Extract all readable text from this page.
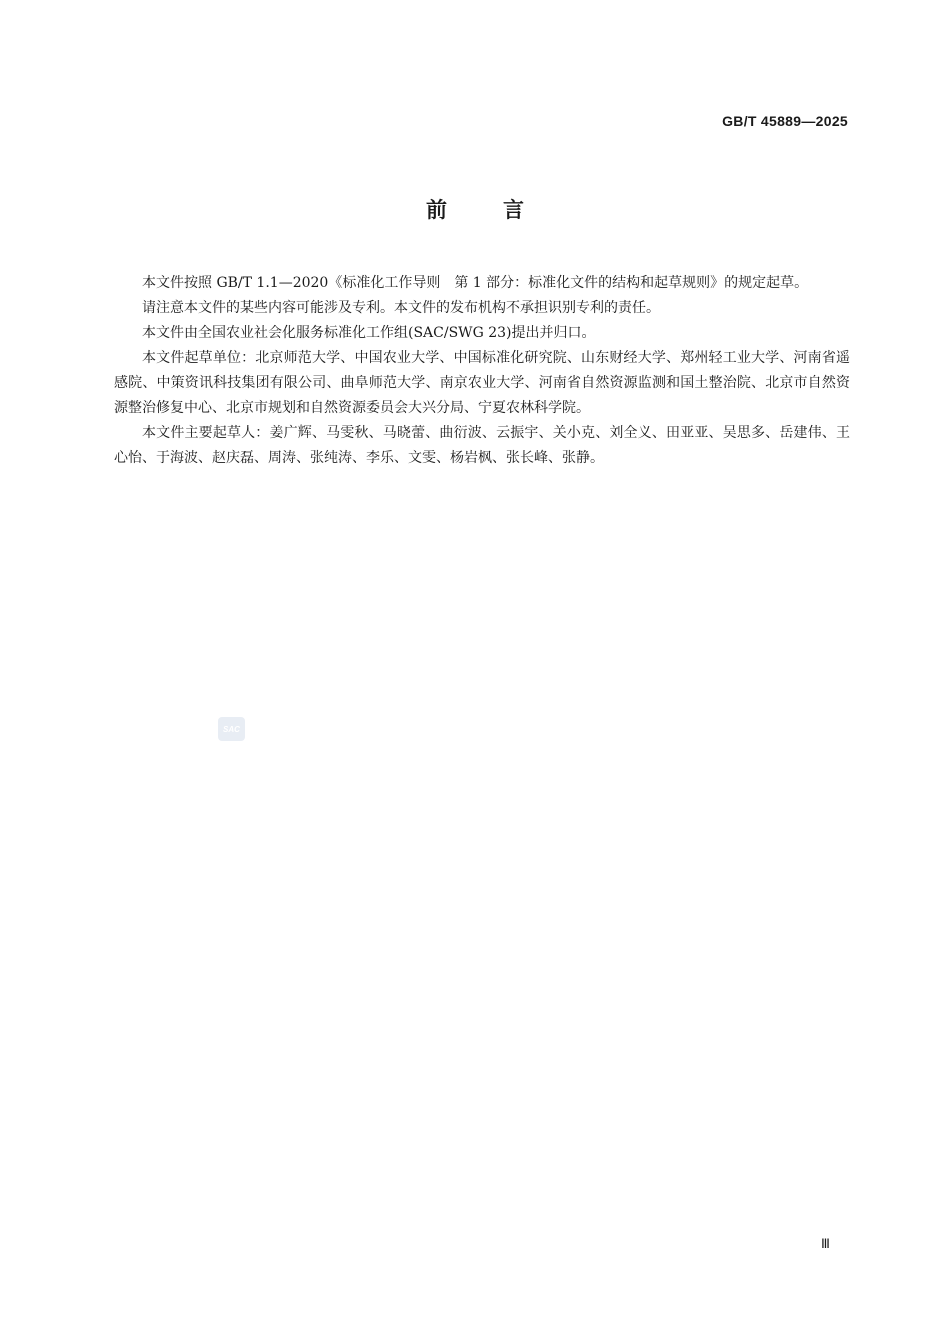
GB/T 45889—2025
前言

本文件按照 GB/T 1.1—2020《标准化工作导则　第 1 部分：标准化文件的结构和起草规则》的规定起草。

请注意本文件的某些内容可能涉及专利。本文件的发布机构不承担识别专利的责任。

本文件由全国农业社会化服务标准化工作组(SAC/SWG 23)提出并归口。

本文件起草单位：北京师范大学、中国农业大学、中国标准化研究院、山东财经大学、郑州轻工业大学、河南省遥感院、中策资讯科技集团有限公司、曲阜师范大学、南京农业大学、河南省自然资源监测和国土整治院、北京市自然资源整治修复中心、北京市规划和自然资源委员会大兴分局、宁夏农林科学院。

本文件主要起草人：姜广辉、马雯秋、马晓蕾、曲衍波、云振宇、关小克、刘全义、田亚亚、吴思多、岳建伟、王心怡、于海波、赵庆磊、周涛、张纯涛、李乐、文雯、杨岩枫、张长峰、张静。

SAC
Ⅲ
